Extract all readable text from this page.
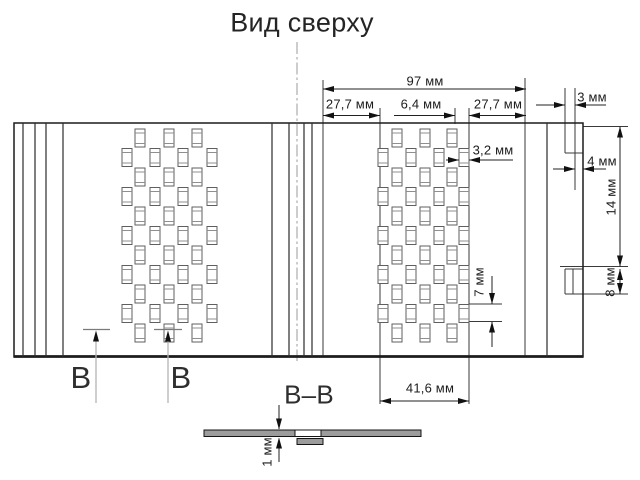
Вид сверху
97 мм
27,7 мм 6,4 мм	27,7 мм	3 мм
3,2 мм
4 мм
14 мм
8 мм
7 мм
41,6 мм
1 мм
В	В	В–В
